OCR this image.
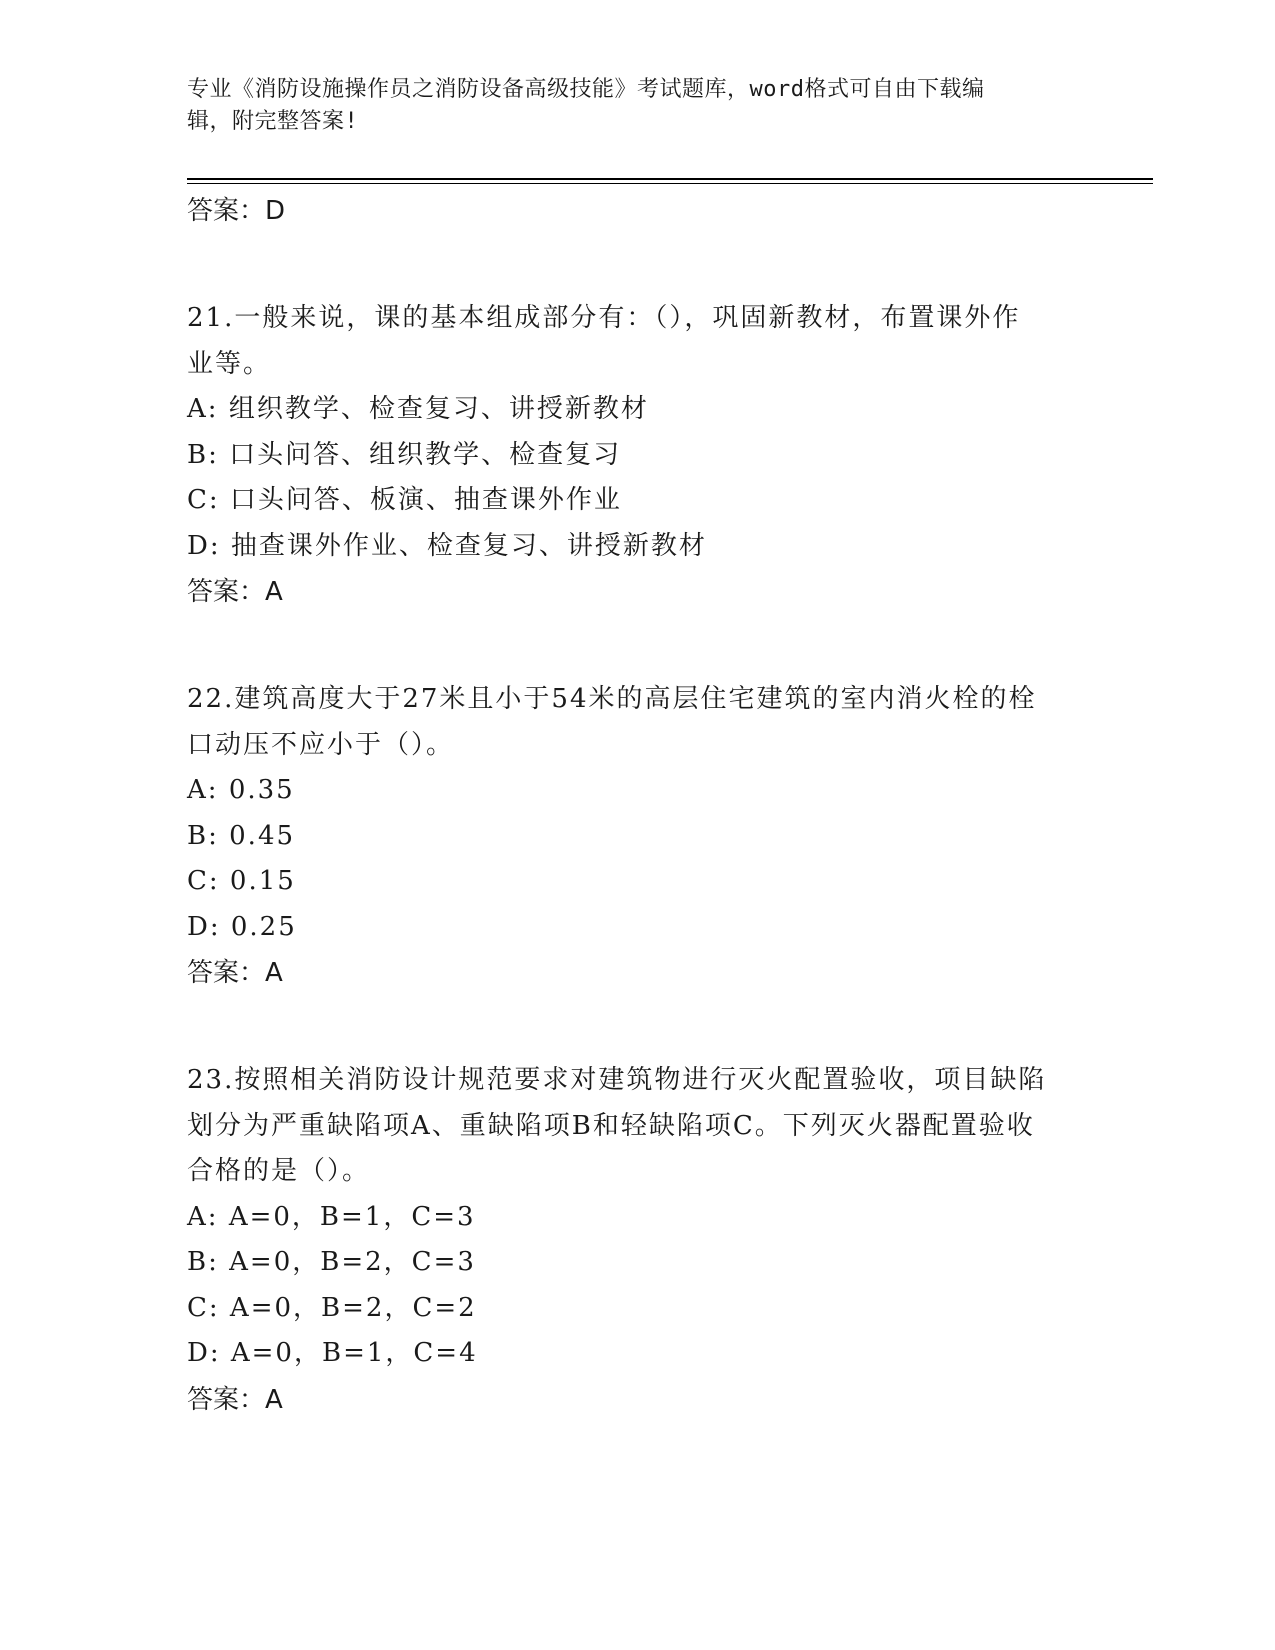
专业《消防设施操作员之消防设备高级技能》考试题库，word格式可自由下载编
辑，附完整答案!
答案：D
21.一般来说，课的基本组成部分有：（），巩固新教材，布置课外作
业等。
A: 组织教学、检查复习、讲授新教材
B: 口头问答、组织教学、检查复习
C: 口头问答、板演、抽查课外作业
D: 抽查课外作业、检查复习、讲授新教材
答案：A
22.建筑高度大于27米且小于54米的高层住宅建筑的室内消火栓的栓
口动压不应小于（）。
A: 0.35
B: 0.45
C: 0.15
D: 0.25
答案：A
23.按照相关消防设计规范要求对建筑物进行灭火配置验收，项目缺陷
划分为严重缺陷项A、重缺陷项B和轻缺陷项C。下列灭火器配置验收
合格的是（）。
A: A=0，B=1，C=3
B: A=0，B=2，C=3
C: A=0，B=2，C=2
D: A=0，B=1，C=4
答案：A
